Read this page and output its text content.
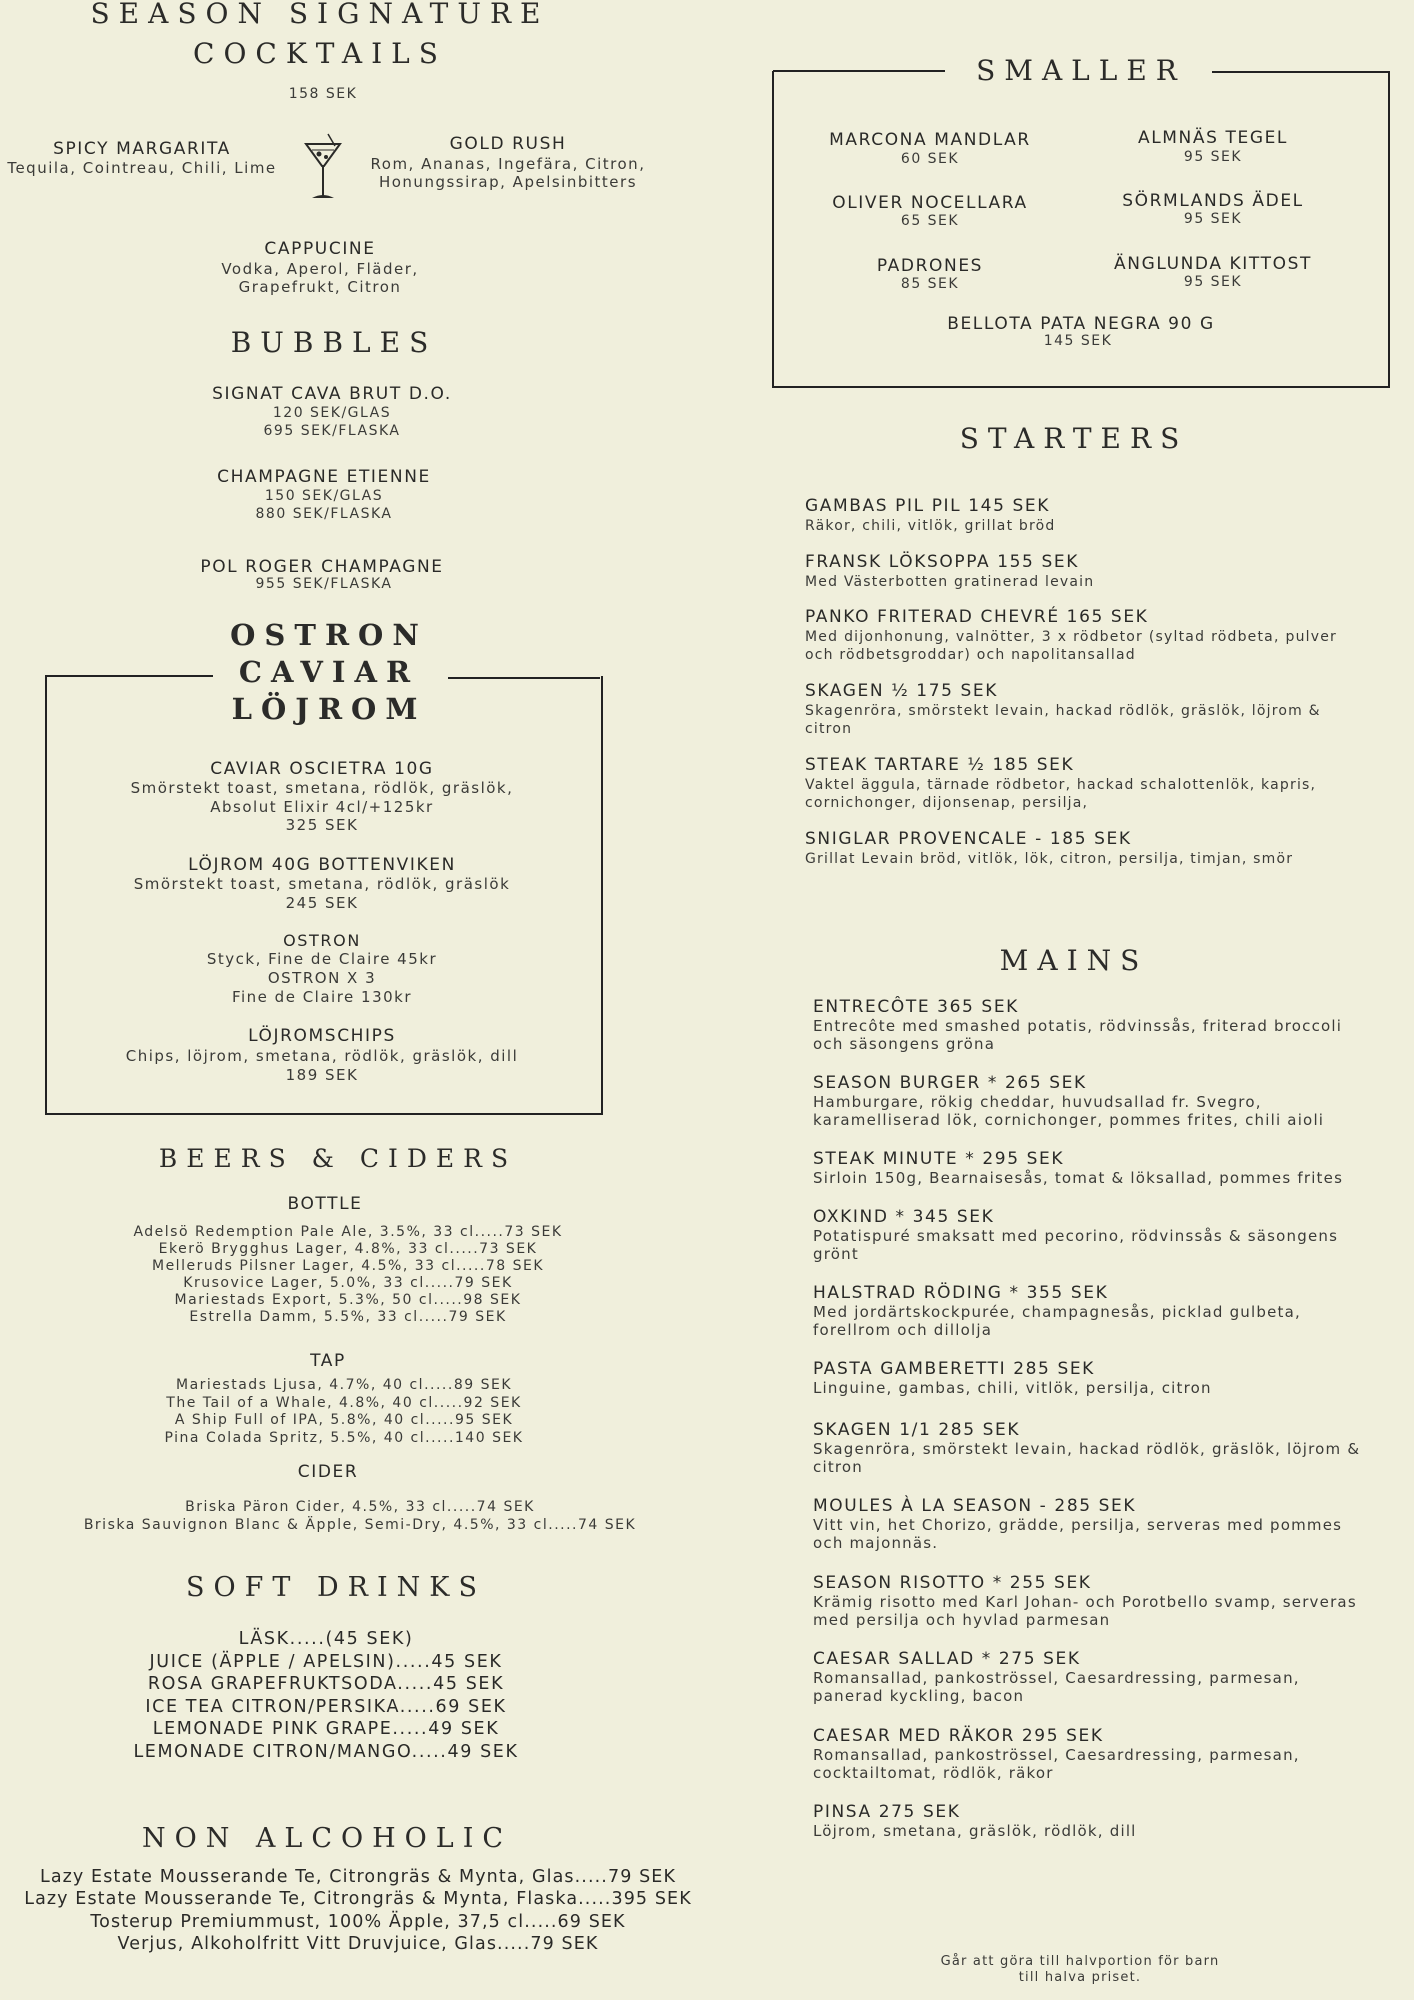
SEASON SIGNATURE
COCKTAILS
158 SEK
SPICY MARGARITA
Tequila, Cointreau, Chili, Lime
GOLD RUSH
Rom, Ananas, Ingefära, Citron,
Honungssirap, Apelsinbitters
CAPPUCINE
Vodka, Aperol, Fläder,
Grapefrukt, Citron
BUBBLES
SIGNAT CAVA BRUT D.O.
120 SEK/GLAS
695 SEK/FLASKA
CHAMPAGNE ETIENNE
150 SEK/GLAS
880 SEK/FLASKA
POL ROGER CHAMPAGNE
955 SEK/FLASKA
OSTRON
CAVIAR
LÖJROM
CAVIAR OSCIETRA 10G
Smörstekt toast, smetana, rödlök, gräslök,
Absolut Elixir 4cl/+125kr
325 SEK
LÖJROM 40G BOTTENVIKEN
Smörstekt toast, smetana, rödlök, gräslök
245 SEK
OSTRON
Styck, Fine de Claire 45kr
OSTRON X 3
Fine de Claire 130kr
LÖJROMSCHIPS
Chips, löjrom, smetana, rödlök, gräslök, dill
189 SEK
BEERS & CIDERS
BOTTLE
Adelsö Redemption Pale Ale, 3.5%, 33 cl.....73 SEK
Ekerö Brygghus Lager, 4.8%, 33 cl.....73 SEK
Melleruds Pilsner Lager, 4.5%, 33 cl.....78 SEK
Krusovice Lager, 5.0%, 33 cl.....79 SEK
Mariestads Export, 5.3%, 50 cl.....98 SEK
Estrella Damm, 5.5%, 33 cl.....79 SEK
TAP
Mariestads Ljusa, 4.7%, 40 cl.....89 SEK
The Tail of a Whale, 4.8%, 40 cl.....92 SEK
A Ship Full of IPA, 5.8%, 40 cl.....95 SEK
Pina Colada Spritz, 5.5%, 40 cl.....140 SEK
CIDER
Briska Päron Cider, 4.5%, 33 cl.....74 SEK
Briska Sauvignon Blanc & Äpple, Semi-Dry, 4.5%, 33 cl.....74 SEK
SOFT DRINKS
LÄSK.....(45 SEK)
JUICE (ÄPPLE / APELSIN).....45 SEK
ROSA GRAPEFRUKTSODA.....45 SEK
ICE TEA CITRON/PERSIKA.....69 SEK
LEMONADE PINK GRAPE.....49 SEK
LEMONADE CITRON/MANGO.....49 SEK
NON ALCOHOLIC
Lazy Estate Mousserande Te, Citrongräs & Mynta, Glas.....79 SEK
Lazy Estate Mousserande Te, Citrongräs & Mynta, Flaska.....395 SEK
Tosterup Premiummust, 100% Äpple, 37,5 cl.....69 SEK
Verjus, Alkoholfritt Vitt Druvjuice, Glas.....79 SEK
SMALLER
MARCONA MANDLAR
60 SEK
ALMNÄS TEGEL
95 SEK
OLIVER NOCELLARA
65 SEK
SÖRMLANDS ÄDEL
95 SEK
PADRONES
85 SEK
ÄNGLUNDA KITTOST
95 SEK
BELLOTA PATA NEGRA 90 G
145 SEK
STARTERS
GAMBAS PIL PIL 145 SEK
Räkor, chili, vitlök, grillat bröd
FRANSK LÖKSOPPA 155 SEK
Med Västerbotten gratinerad levain
PANKO FRITERAD CHEVRÉ 165 SEK
Med dijonhonung, valnötter, 3 x rödbetor (syltad rödbeta, pulver och rödbetsgroddar) och napolitansallad
SKAGEN ½ 175 SEK
Skagenröra, smörstekt levain, hackad rödlök, gräslök, löjrom & citron
STEAK TARTARE ½ 185 SEK
Vaktel äggula, tärnade rödbetor, hackad schalottenlök, kapris, cornichonger, dijonsenap, persilja,
SNIGLAR PROVENCALE - 185 SEK
Grillat Levain bröd, vitlök, lök, citron, persilja, timjan, smör
MAINS
ENTRECÔTE 365 SEK
Entrecôte med smashed potatis, rödvinssås, friterad broccoli och säsongens gröna
SEASON BURGER * 265 SEK
Hamburgare, rökig cheddar, huvudsallad fr. Svegro, karamelliserad lök, cornichonger, pommes frites, chili aioli
STEAK MINUTE * 295 SEK
Sirloin 150g, Bearnaisesås, tomat & löksallad, pommes frites
OXKIND * 345 SEK
Potatispuré smaksatt med pecorino, rödvinssås & säsongens grönt
HALSTRAD RÖDING * 355 SEK
Med jordärtskockpurée, champagnesås, picklad gulbeta, forellrom och dillolja
PASTA GAMBERETTI 285 SEK
Linguine, gambas, chili, vitlök, persilja, citron
SKAGEN 1/1 285 SEK
Skagenröra, smörstekt levain, hackad rödlök, gräslök, löjrom & citron
MOULES À LA SEASON - 285 SEK
Vitt vin, het Chorizo, grädde, persilja, serveras med pommes och majonnäs.
SEASON RISOTTO * 255 SEK
Krämig risotto med Karl Johan- och Porotbello svamp, serveras med persilja och hyvlad parmesan
CAESAR SALLAD * 275 SEK
Romansallad, pankoströssel, Caesardressing, parmesan, panerad kyckling, bacon
CAESAR MED RÄKOR 295 SEK
Romansallad, pankoströssel, Caesardressing, parmesan, cocktailtomat, rödlök, räkor
PINSA 275 SEK
Löjrom, smetana, gräslök, rödlök, dill
Går att göra till halvportion för barn
till halva priset.
